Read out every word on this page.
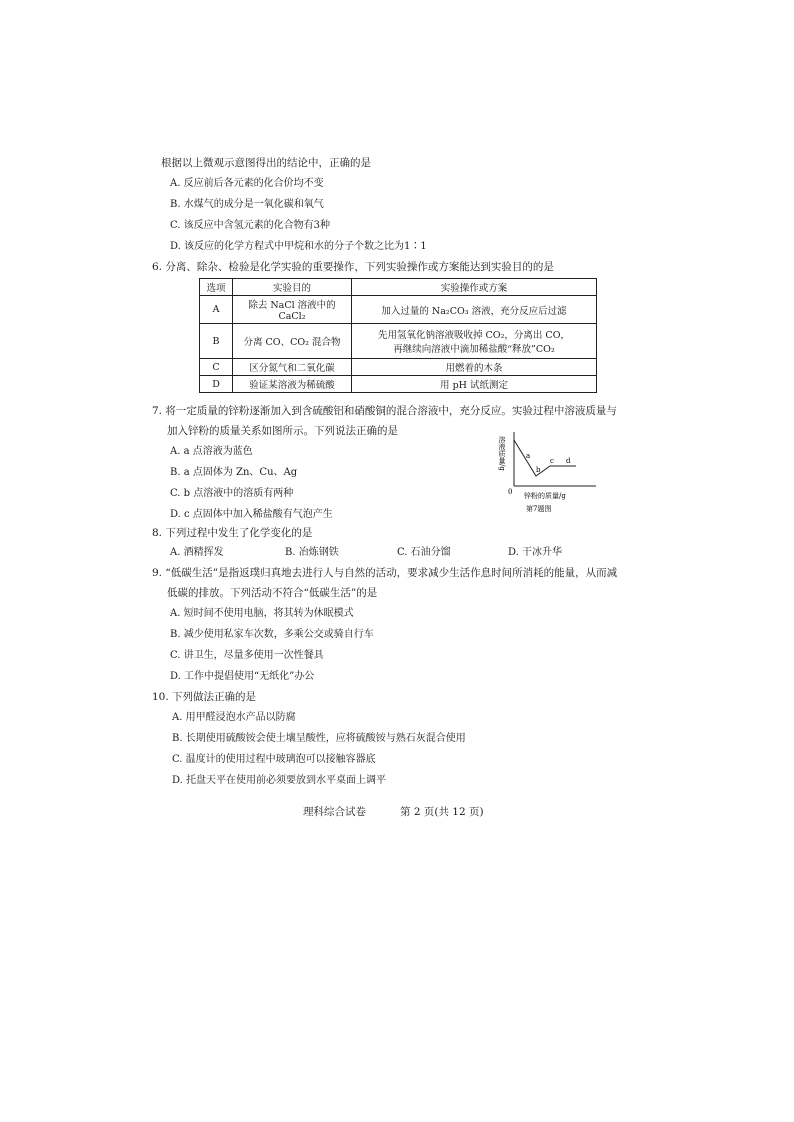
根据以上微观示意图得出的结论中，正确的是
A. 反应前后各元素的化合价均不变
B. 水煤气的成分是一氧化碳和氧气
C. 该反应中含氢元素的化合物有3种
D. 该反应的化学方程式中甲烷和水的分子个数之比为1∶1
6. 分离、除杂、检验是化学实验的重要操作，下列实验操作或方案能达到实验目的的是
选项	实验目的	实验操作或方案
A	除去 NaCl 溶液中的 CaCl₂	加入过量的 Na₂CO₃ 溶液，充分反应后过滤
B	分离 CO、CO₂ 混合物	先用氢氧化钠溶液吸收掉 CO₂，分离出 CO，
再继续向溶液中滴加稀盐酸“释放”CO₂

C	区分氮气和二氧化碳	用燃着的木条
D	验证某溶液为稀硫酸	用 pH 试纸测定
7. 将一定质量的锌粉逐渐加入到含硫酸铝和硝酸铜的混合溶液中，充分反应。实验过程中溶液质量与
加入锌粉的质量关系如图所示。下列说法正确的是
A. a 点溶液为蓝色
B. a 点固体为 Zn、Cu、Ag
C. b 点溶液中的溶质有两种
D. c 点固体中加入稀盐酸有气泡产生
溶液质量/g
0
a
b
c d
锌粉的质量/g
第7题图
8. 下列过程中发生了化学变化的是
A. 酒精挥发	B. 冶炼钢铁	C. 石油分馏	D. 干冰升华
9. “低碳生活”是指返璞归真地去进行人与自然的活动，要求减少生活作息时间所消耗的能量，从而减
低碳的排放。下列活动不符合“低碳生活”的是
A. 短时间不使用电脑，将其转为休眠模式
B. 减少使用私家车次数，多乘公交或骑自行车
C. 讲卫生，尽量多使用一次性餐具
D. 工作中提倡使用“无纸化”办公
10. 下列做法正确的是
A. 用甲醛浸泡水产品以防腐
B. 长期使用硫酸铵会使土壤呈酸性，应将硫酸铵与熟石灰混合使用
C. 温度计的使用过程中玻璃泡可以接触容器底
D. 托盘天平在使用前必须要放到水平桌面上调平
理科综合试卷	第 2 页(共 12 页)
